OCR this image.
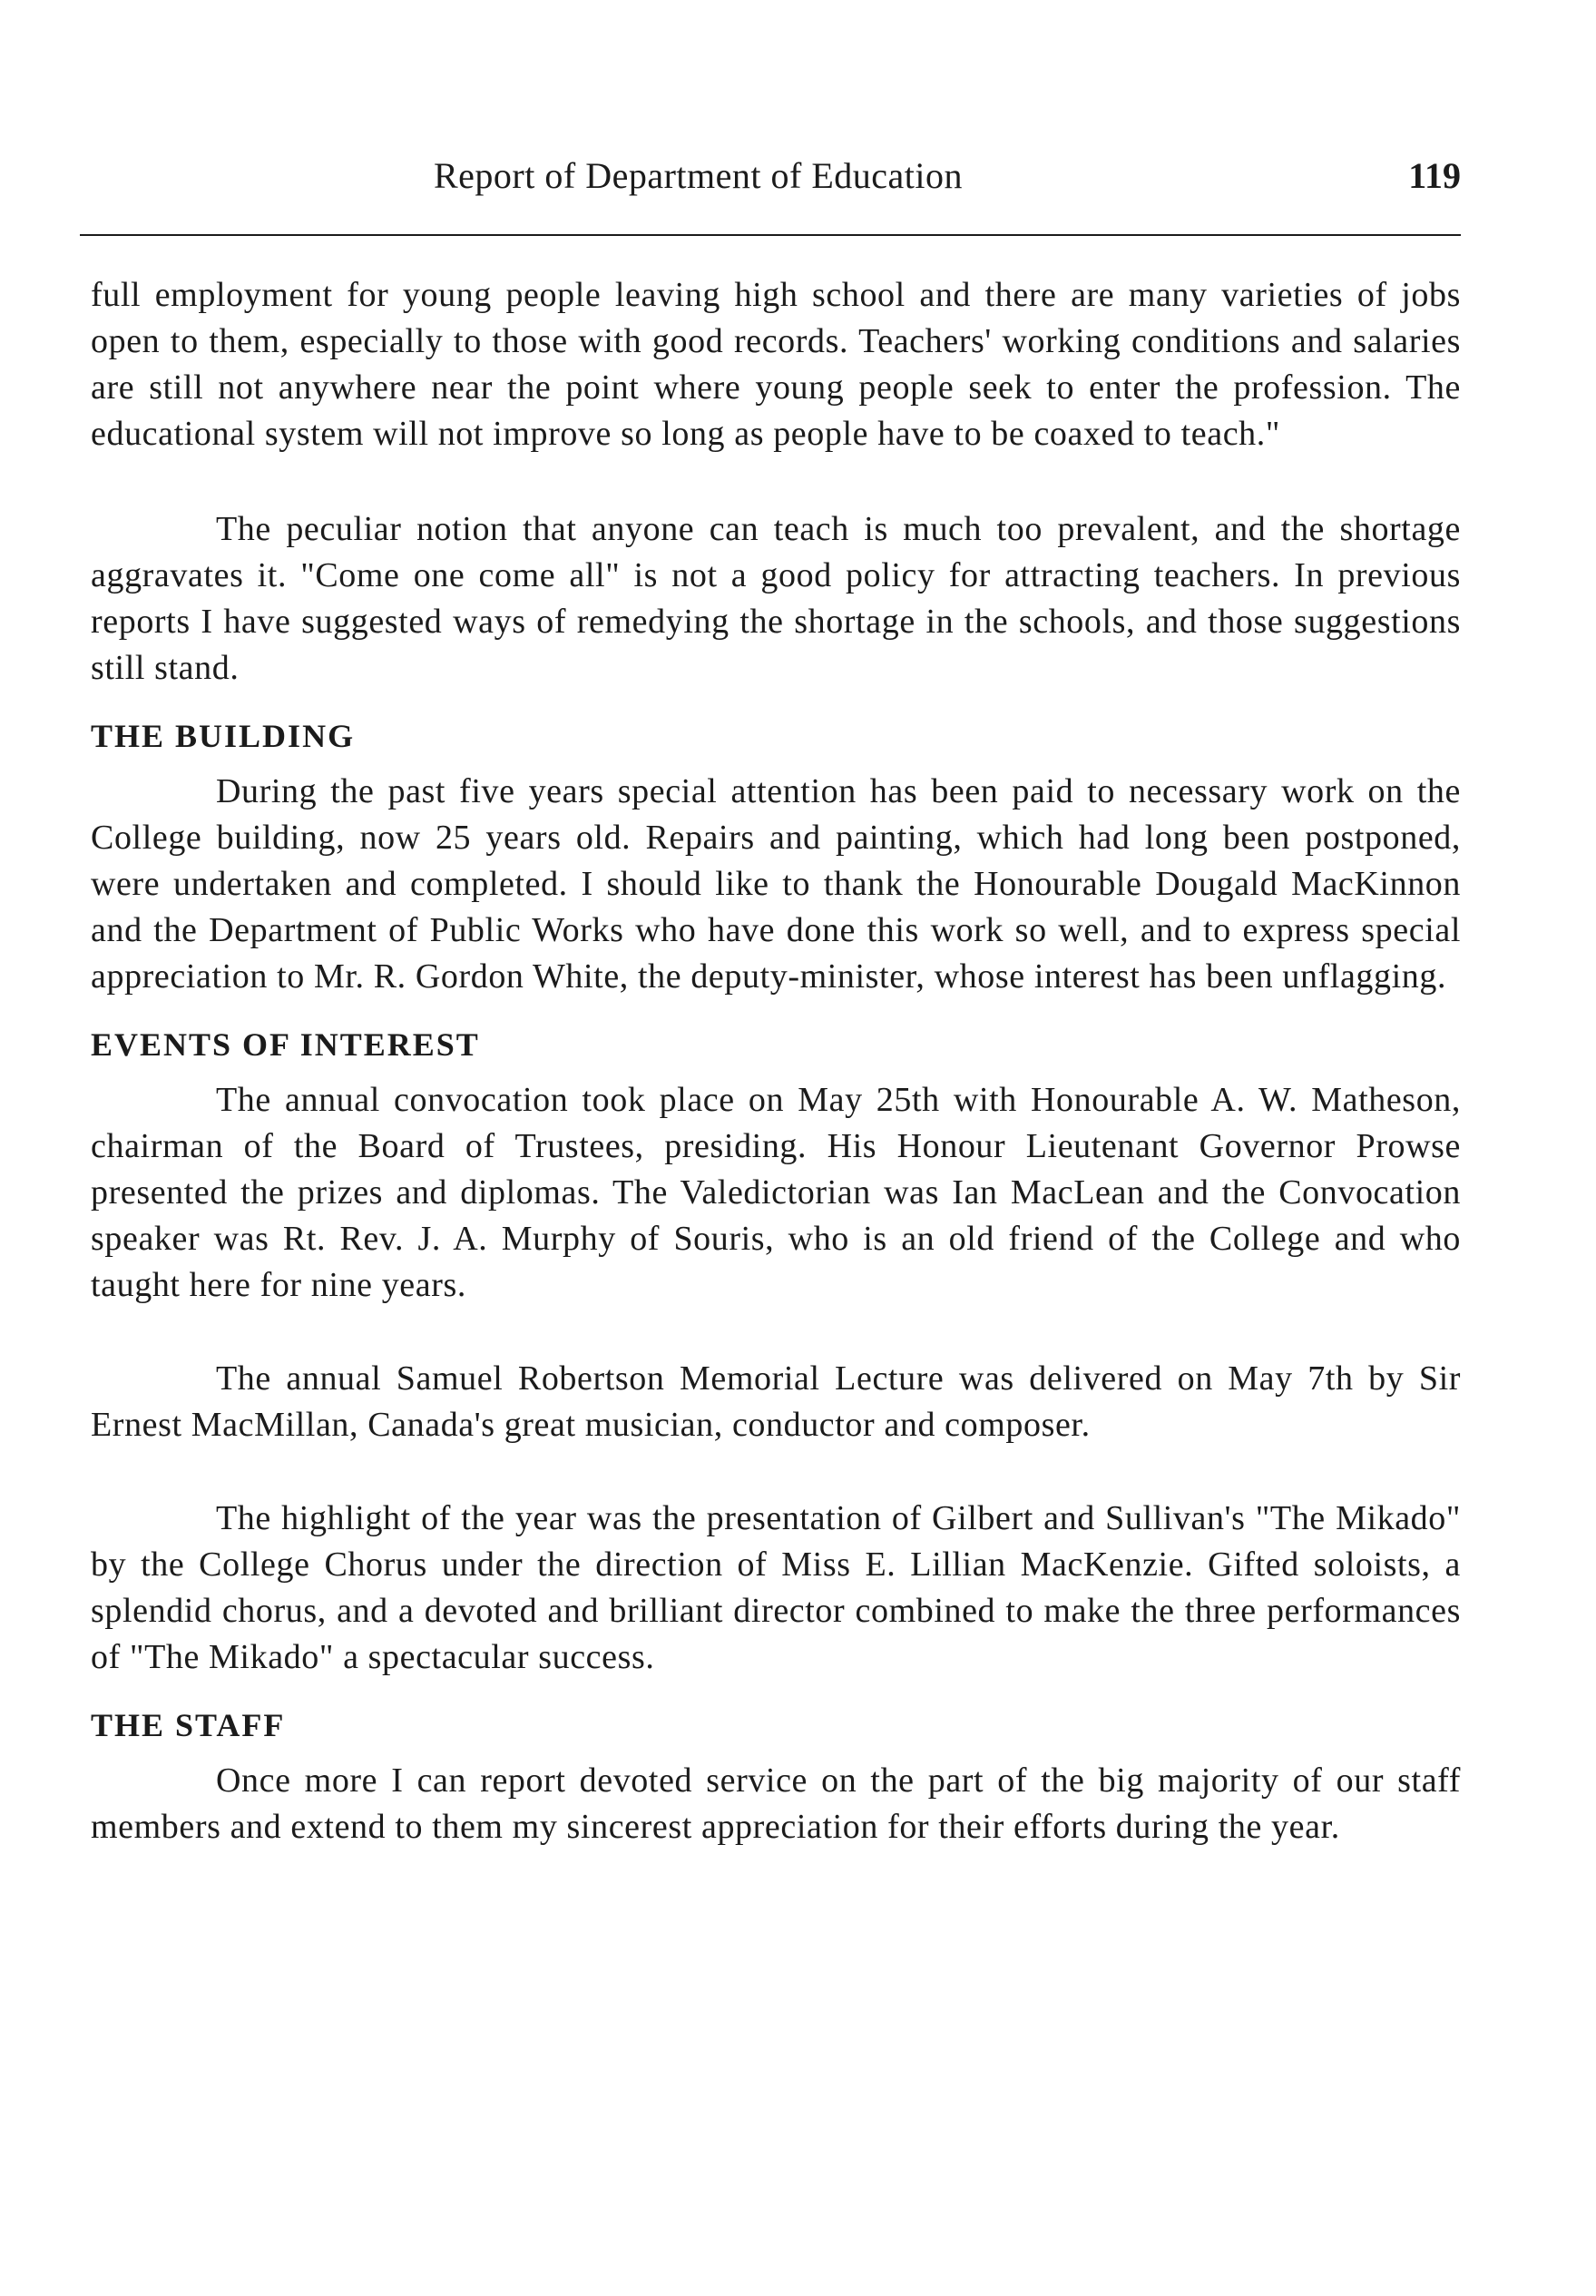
Report of Department of Education	119

full employment for young people leaving high school and there are many varieties of jobs open to them, especially to those with good records. Teachers' working conditions and salaries are still not anywhere near the point where young people seek to enter the profession. The educational system will not improve so long as people have to be coaxed to teach."

The peculiar notion that anyone can teach is much too prevalent, and the shortage aggravates it. "Come one come all" is not a good policy for attracting teachers. In previous reports I have suggested ways of remedying the shortage in the schools, and those suggestions still stand.

THE BUILDING

During the past five years special attention has been paid to necessary work on the College building, now 25 years old. Repairs and painting, which had long been postponed, were undertaken and completed. I should like to thank the Honourable Dougald MacKinnon and the Department of Public Works who have done this work so well, and to express special appreciation to Mr. R. Gordon White, the deputy-minister, whose interest has been unflagging.

EVENTS OF INTEREST

The annual convocation took place on May 25th with Honourable A. W. Matheson, chairman of the Board of Trustees, presiding. His Honour Lieutenant Governor Prowse presented the prizes and diplomas. The Valedictorian was Ian MacLean and the Convocation speaker was Rt. Rev. J. A. Murphy of Souris, who is an old friend of the College and who taught here for nine years.

The annual Samuel Robertson Memorial Lecture was delivered on May 7th by Sir Ernest MacMillan, Canada's great musician, conductor and composer.

The highlight of the year was the presentation of Gilbert and Sullivan's "The Mikado" by the College Chorus under the direction of Miss E. Lillian MacKenzie. Gifted soloists, a splendid chorus, and a devoted and brilliant director combined to make the three performances of "The Mikado" a spectacular success.

THE STAFF

Once more I can report devoted service on the part of the big majority of our staff members and extend to them my sincerest appreciation for their efforts during the year.
